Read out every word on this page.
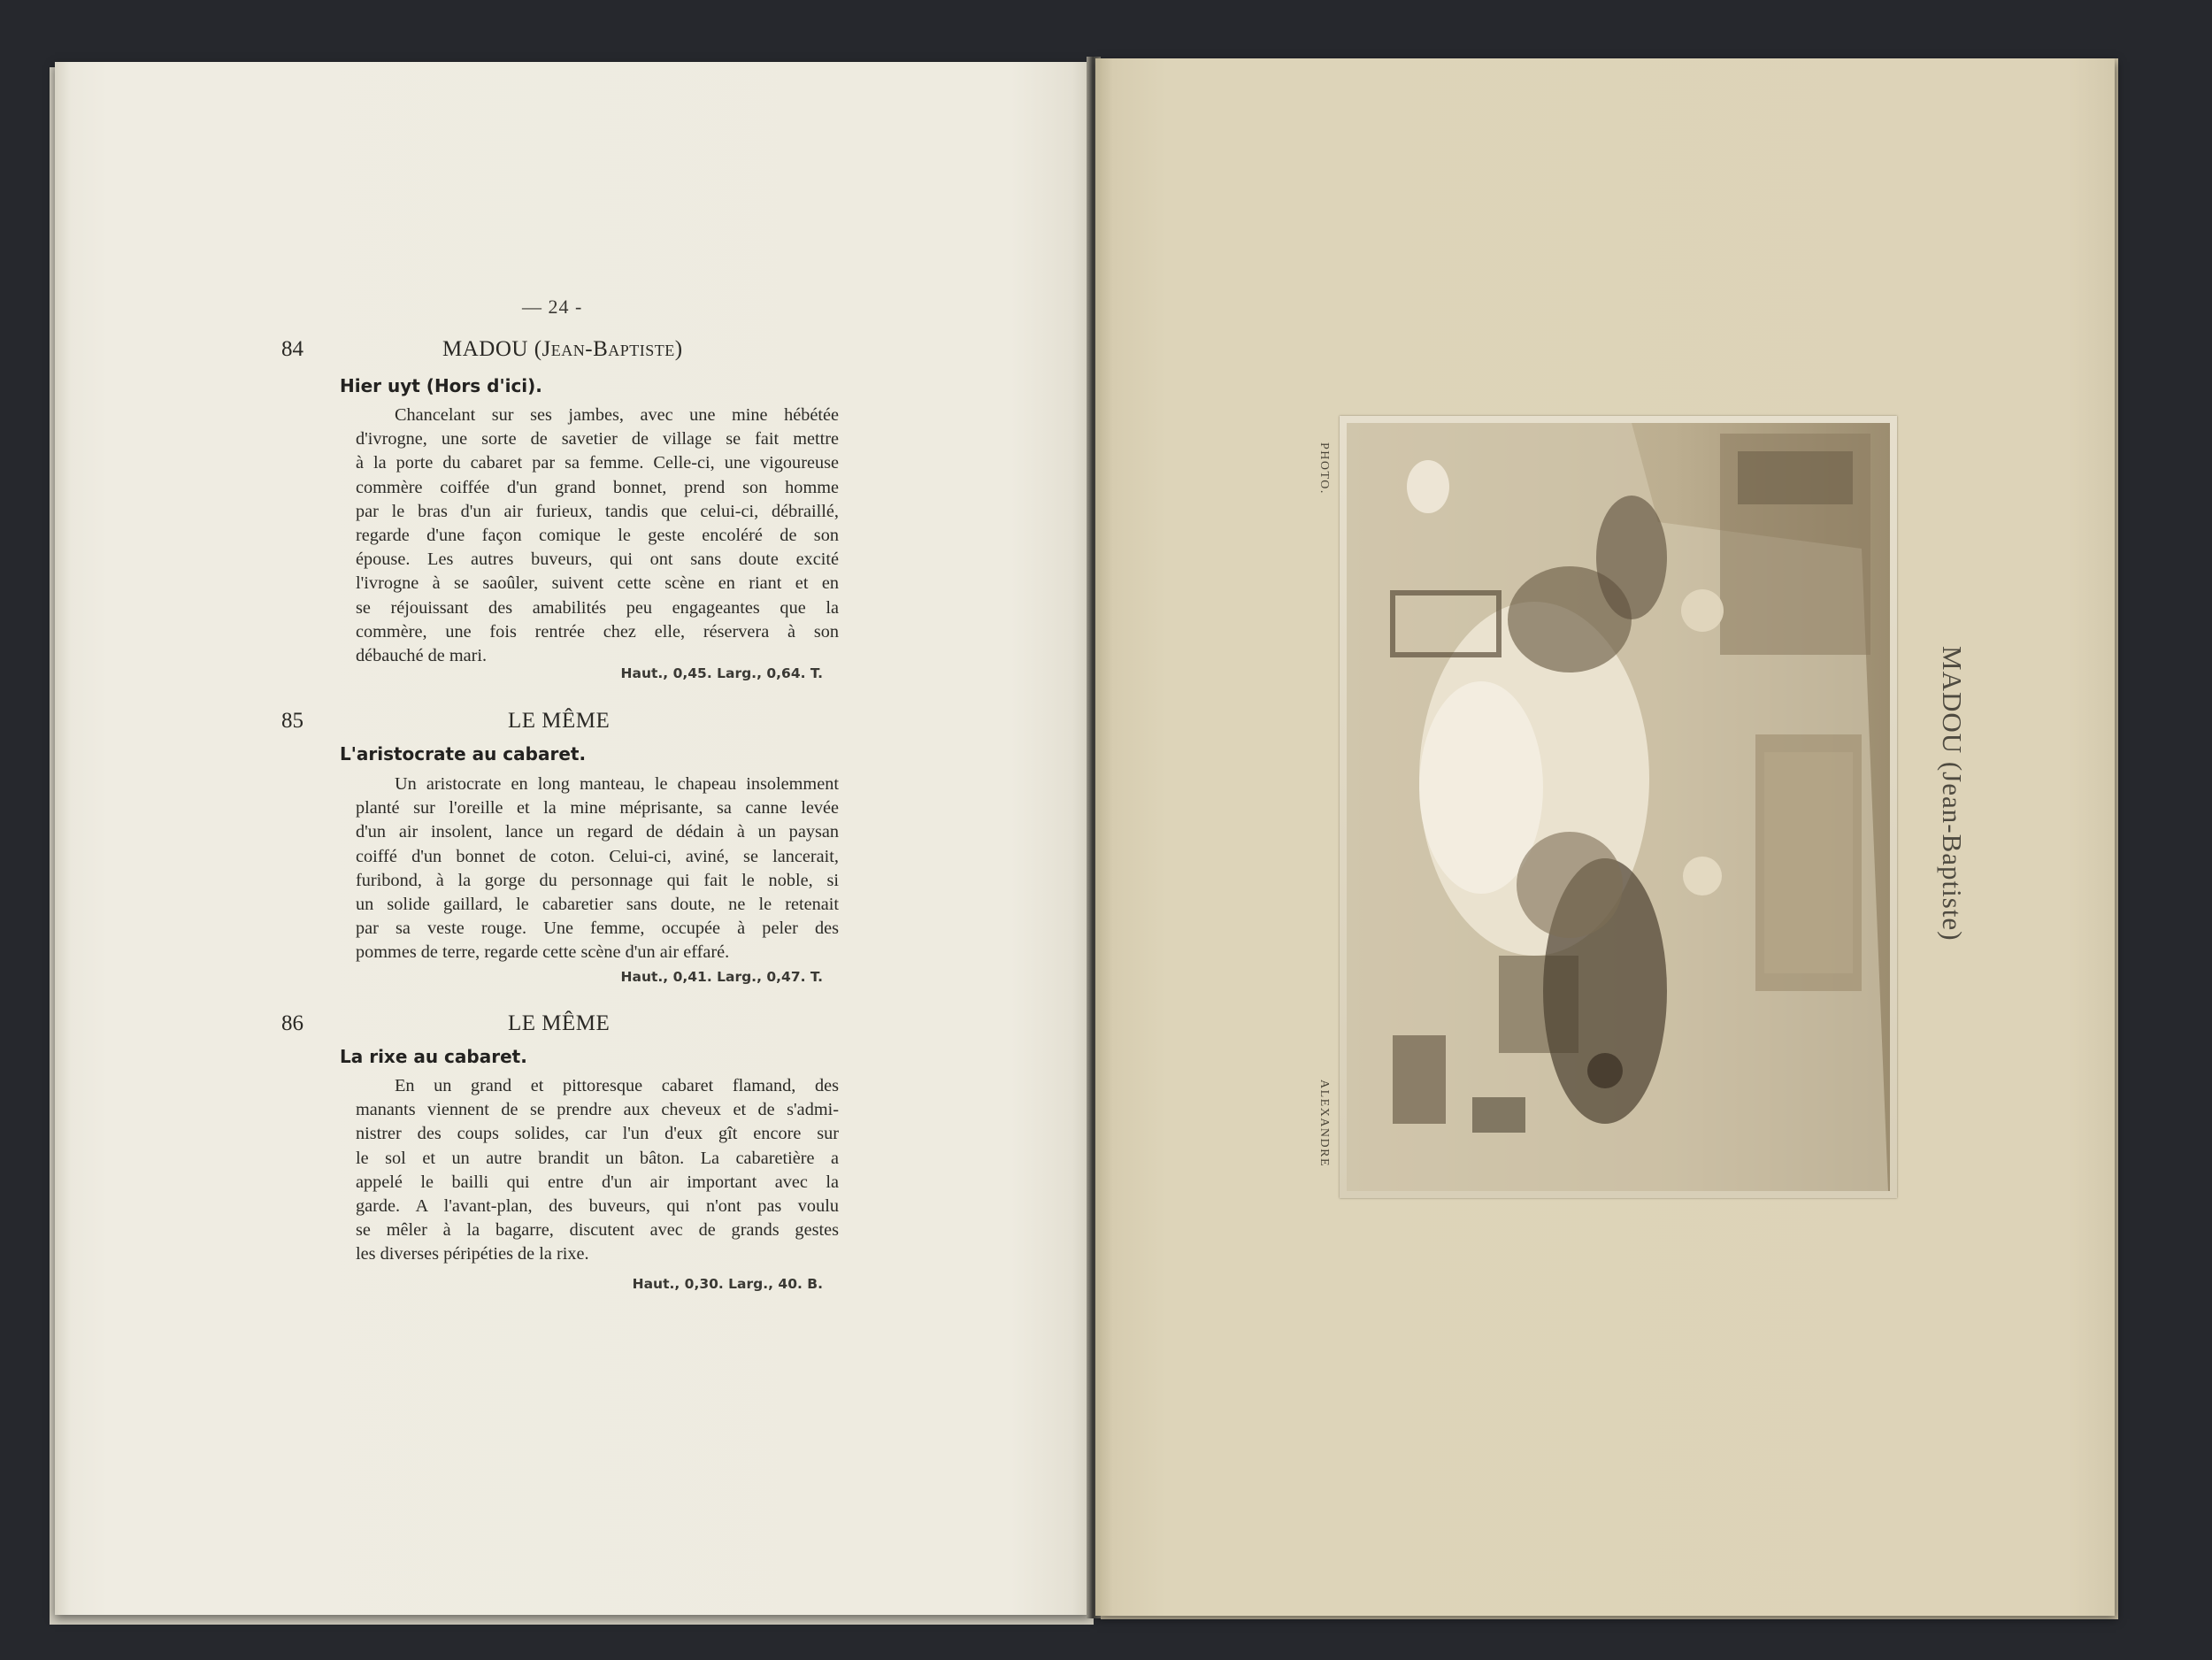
— 24 -
84	MADOU (Jean-Baptiste)
Hier uyt (Hors d'ici).
Chancelant sur ses jambes, avec une mine hébétée
d'ivrogne, une sorte de savetier de village se fait mettre
à la porte du cabaret par sa femme. Celle-ci, une vigoureuse
commère coiffée d'un grand bonnet, prend son homme
par le bras d'un air furieux, tandis que celui-ci, débraillé,
regarde d'une façon comique le geste encoléré de son
épouse. Les autres buveurs, qui ont sans doute excité
l'ivrogne à se saoûler, suivent cette scène en riant et en
se réjouissant des amabilités peu engageantes que la
commère, une fois rentrée chez elle, réservera à son
débauché de mari.
Haut., 0,45. Larg., 0,64. T.
85	LE MÊME
L'aristocrate au cabaret.
Un aristocrate en long manteau, le chapeau insolemment
planté sur l'oreille et la mine méprisante, sa canne levée
d'un air insolent, lance un regard de dédain à un paysan
coiffé d'un bonnet de coton. Celui-ci, aviné, se lancerait,
furibond, à la gorge du personnage qui fait le noble, si
un solide gaillard, le cabaretier sans doute, ne le retenait
par sa veste rouge. Une femme, occupée à peler des
pommes de terre, regarde cette scène d'un air effaré.
Haut., 0,41. Larg., 0,47. T.
86	LE MÊME
La rixe au cabaret.
En un grand et pittoresque cabaret flamand, des
manants viennent de se prendre aux cheveux et de s'admi-
nistrer des coups solides, car l'un d'eux gît encore sur
le sol et un autre brandit un bâton. La cabaretière a
appelé le bailli qui entre d'un air important avec la
garde. A l'avant-plan, des buveurs, qui n'ont pas voulu
se mêler à la bagarre, discutent avec de grands gestes
les diverses péripéties de la rixe.
Haut., 0,30. Larg., 40. B.
PHOTO.
ALEXANDRE
MADOU (Jean-Baptiste)
